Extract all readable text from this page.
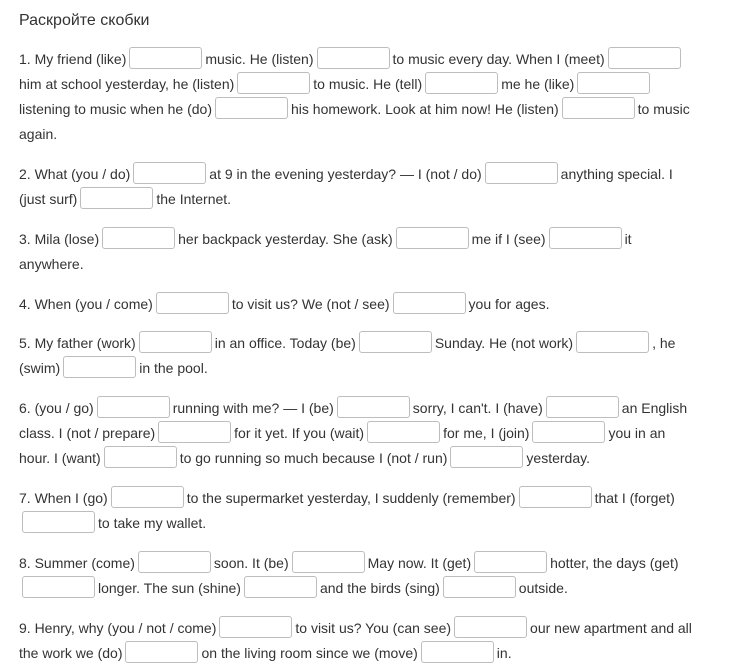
Раскройте скобки
1. My friend (like)	music. He (listen)	to music every day. When I (meet)
him at school yesterday, he (listen)	to music. He (tell)	me he (like)
listening to music when he (do)	his homework. Look at him now! He (listen)	to music
again.
2. What (you / do)	at 9 in the evening yesterday? — I (not / do)	anything special. I
(just surf)	the Internet.
3. Mila (lose)	her backpack yesterday. She (ask)	me if I (see)	it
anywhere.
4. When (you / come)	to visit us? We (not / see)	you for ages.
5. My father (work)	in an office. Today (be)	Sunday. He (not work)	, he
(swim)	in the pool.
6. (you / go)	running with me? — I (be)	sorry, I can't. I (have)	an English
class. I (not / prepare)	for it yet. If you (wait)	for me, I (join)	you in an
hour. I (want)	to go running so much because I (not / run)	yesterday.
7. When I (go)	to the supermarket yesterday, I suddenly (remember)	that I (forget)
to take my wallet.
8. Summer (come)	soon. It (be)	May now. It (get)	hotter, the days (get)
longer. The sun (shine)	and the birds (sing)	outside.
9. Henry, why (you / not / come)	to visit us? You (can see)	our new apartment and all
the work we (do)	on the living room since we (move)	in.
